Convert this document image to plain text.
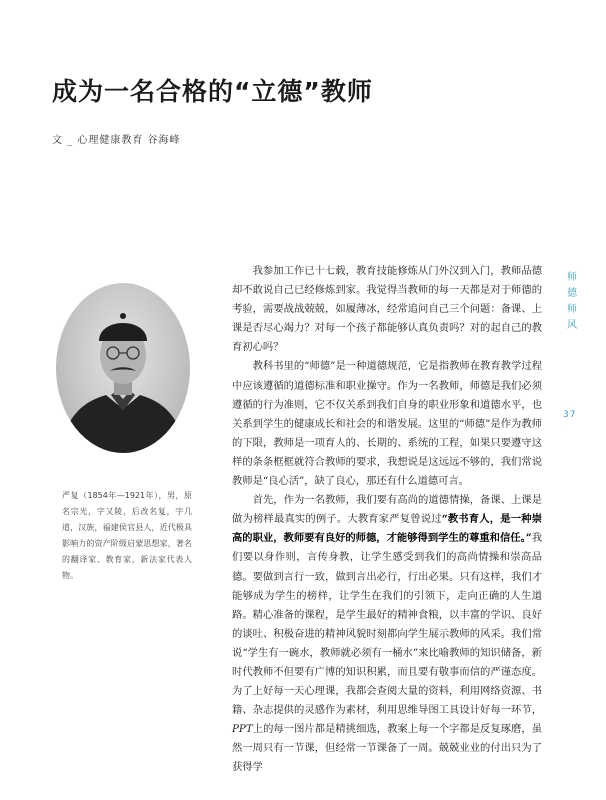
成为一名合格的“立德”教师
文 _ 心理健康教育 谷海峰
严复（1854年—1921年），男，原名宗光，字又陵，后改名复，字几道，汉族，福建侯官县人，近代极具影响力的资产阶级启蒙思想家，著名的翻译家、教育家，新法家代表人物。
师
德
师
风
37

我参加工作已十七载，教育技能修炼从门外汉到入门，教师品德却不敢说自己已经修炼到家。我觉得当教师的每一天都是对于师德的考验，需要战战兢兢，如履薄冰，经常追问自己三个问题：备课、上课是否尽心竭力？对每一个孩子都能够认真负责吗？对的起自己的教育初心吗？

教科书里的“师德”是一种道德规范，它是指教师在教育教学过程中应该遵循的道德标准和职业操守。作为一名教师，师德是我们必须遵循的行为准则，它不仅关系到我们自身的职业形象和道德水平，也关系到学生的健康成长和社会的和谐发展。这里的“师德”是作为教师的下限，教师是一项育人的、长期的、系统的工程，如果只要遵守这样的条条框框就符合教师的要求，我想说是这远远不够的，我们常说教师是“良心活”，缺了良心，那还有什么道德可言。

首先，作为一名教师，我们要有高尚的道德情操，备课、上课是做为榜样最真实的例子。大教育家严复曾说过“教书育人，是一种崇高的职业，教师要有良好的师德，才能够得到学生的尊重和信任。”我们要以身作则，言传身教，让学生感受到我们的高尚情操和崇高品德。要做到言行一致，做到言出必行，行出必果。只有这样，我们才能够成为学生的榜样，让学生在我们的引领下，走向正确的人生道路。精心准备的课程，是学生最好的精神食粮，以丰富的学识、良好的谈吐、积极奋进的精神风貌时刻都向学生展示教师的风采。我们常说“学生有一碗水，教师就必须有一桶水”来比喻教师的知识储备，新时代教师不但要有广博的知识积累，而且要有敬事而信的严谨态度。为了上好每一天心理课，我都会查阅大量的资料，利用网络资源、书籍、杂志提供的灵感作为素材，利用思维导图工具设计好每一环节，PPT上的每一图片都是精挑细选，教案上每一个字都是反复琢磨，虽然一周只有一节课，但经常一节课备了一周。兢兢业业的付出只为了获得学
